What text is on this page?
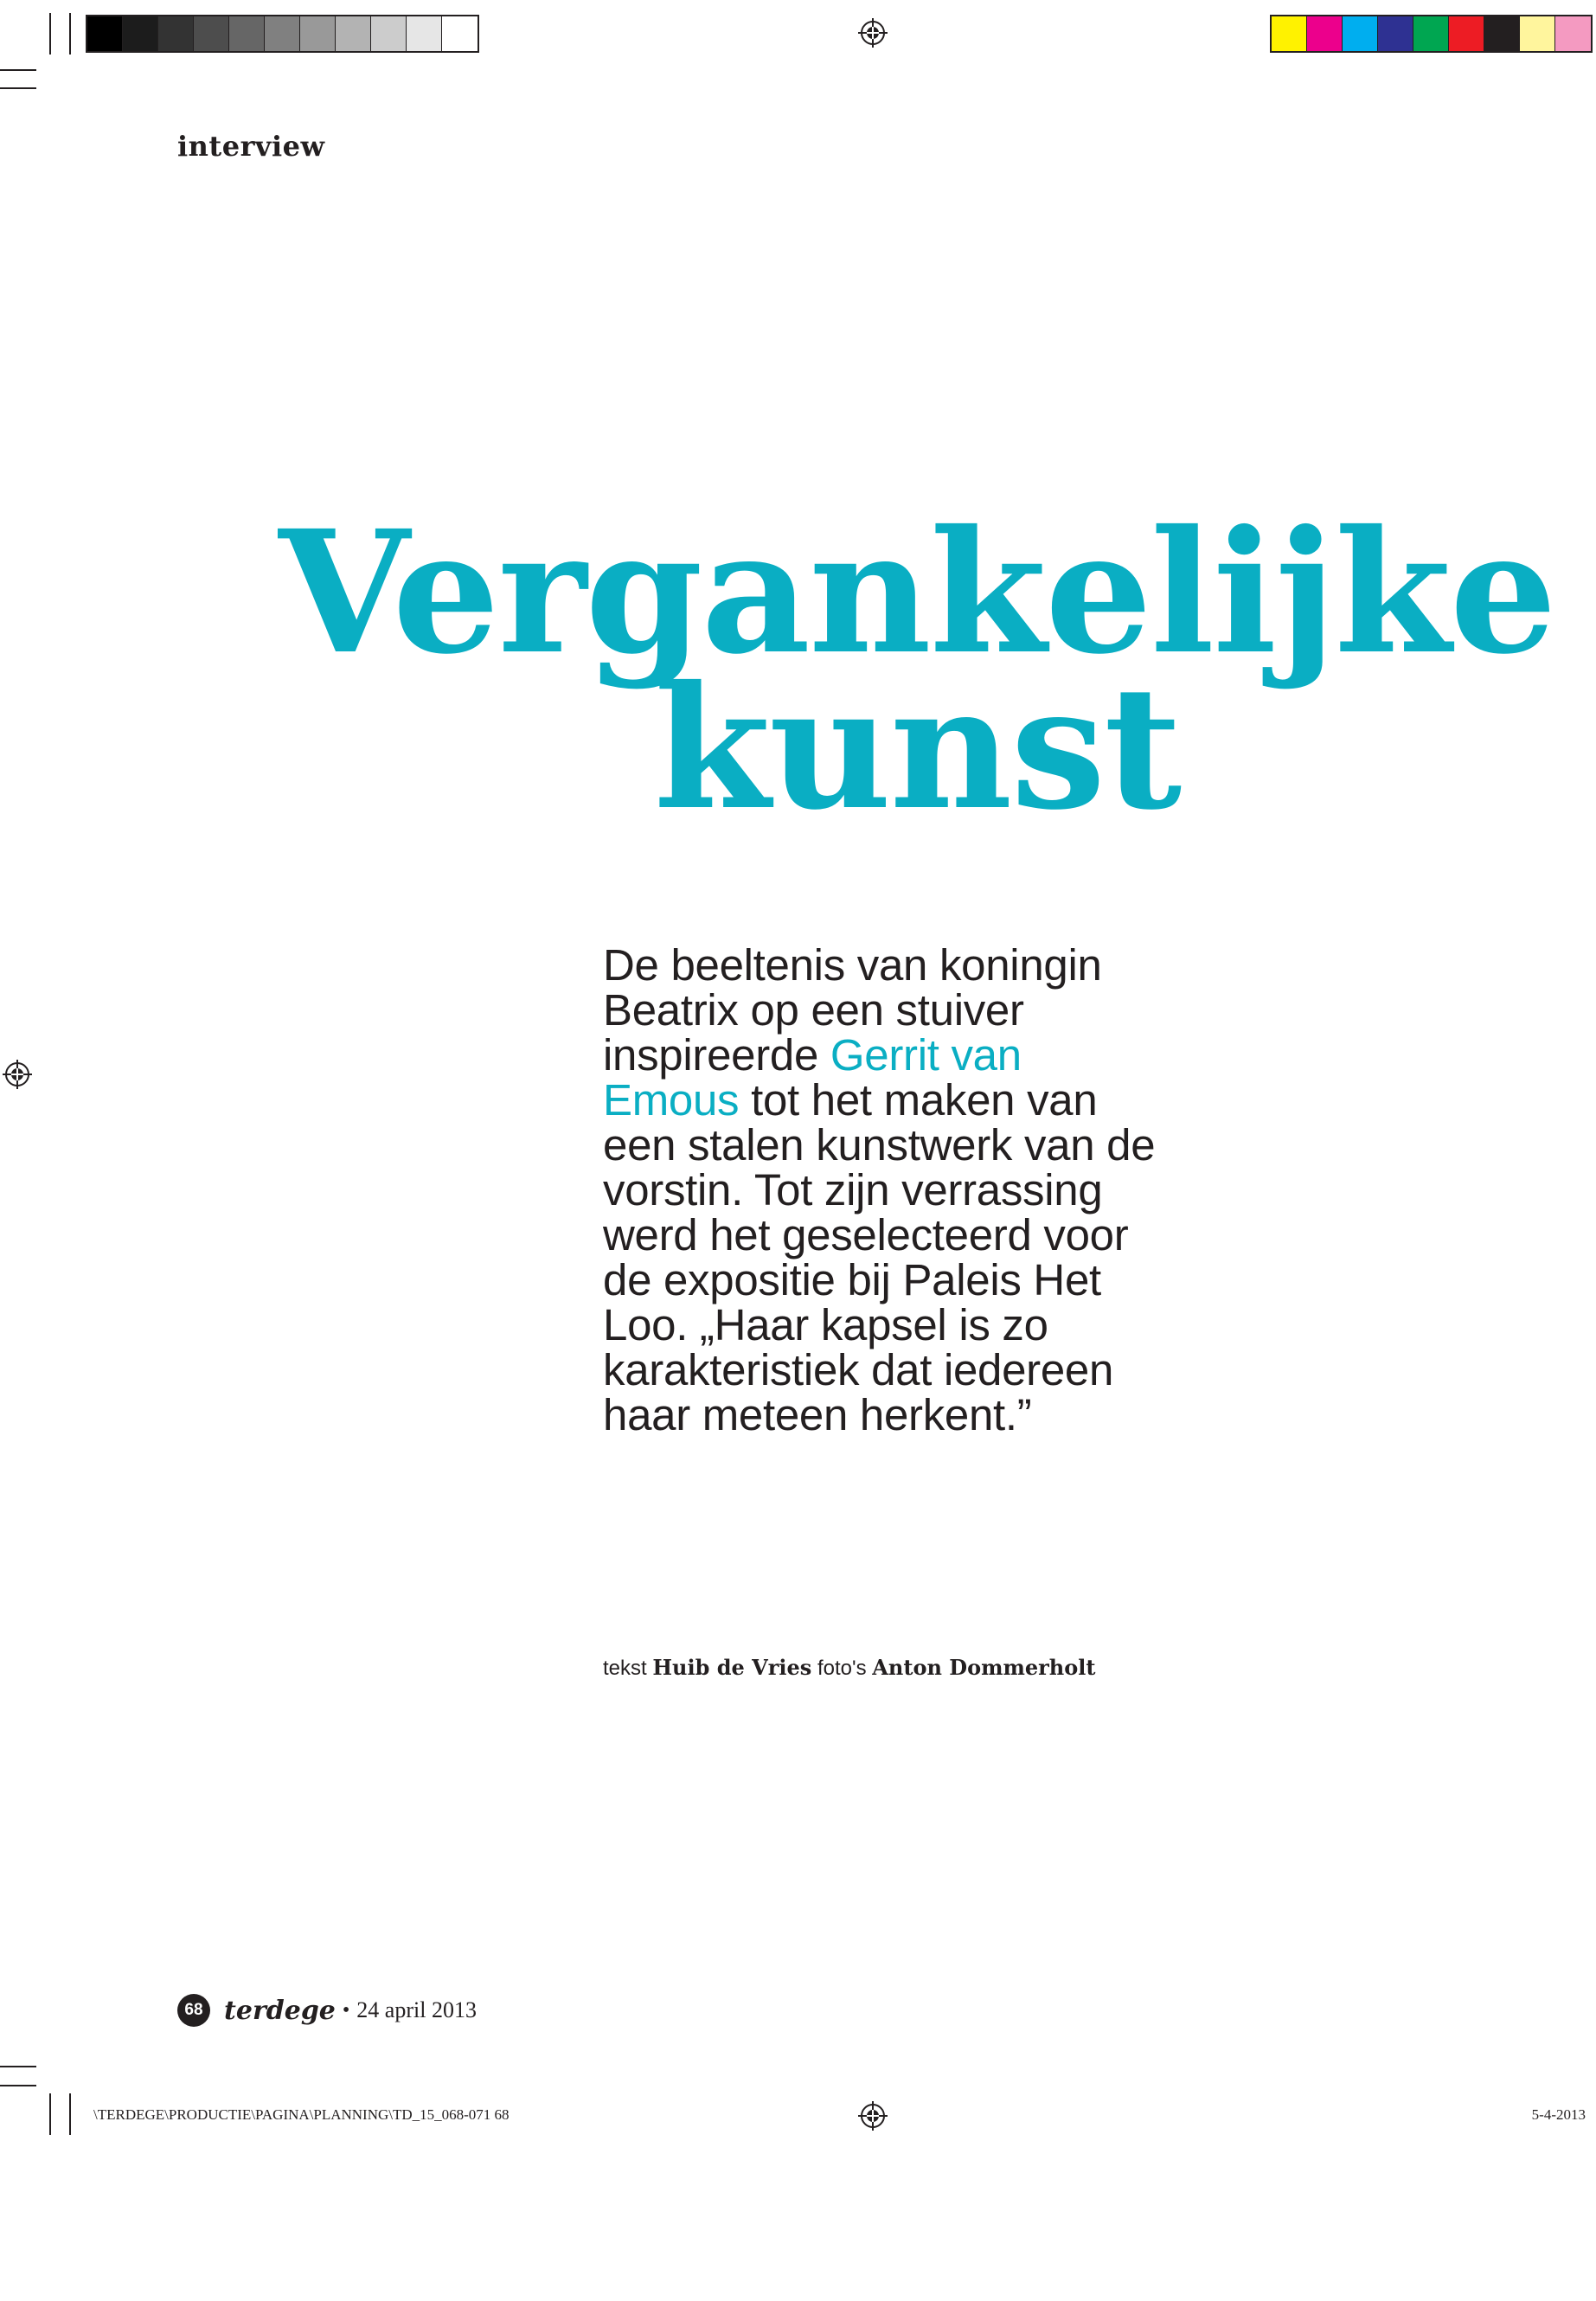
interview
Vergankelijke
kunst

De beeltenis van koningin Beatrix op een stuiver inspireerde Gerrit van Emous tot het maken van een stalen kunstwerk van de vorstin. Tot zijn verrassing werd het geselecteerd voor de expositie bij Paleis Het Loo. „Haar kapsel is zo karakteristiek dat iedereen haar meteen herkent.”

tekst Huib de Vries foto's Anton Dommerholt
68 terdege • 24 april 2013
\TERDEGE\PRODUCTIE\PAGINA\PLANNING\TD_15_068-071 68	5-4-2013
